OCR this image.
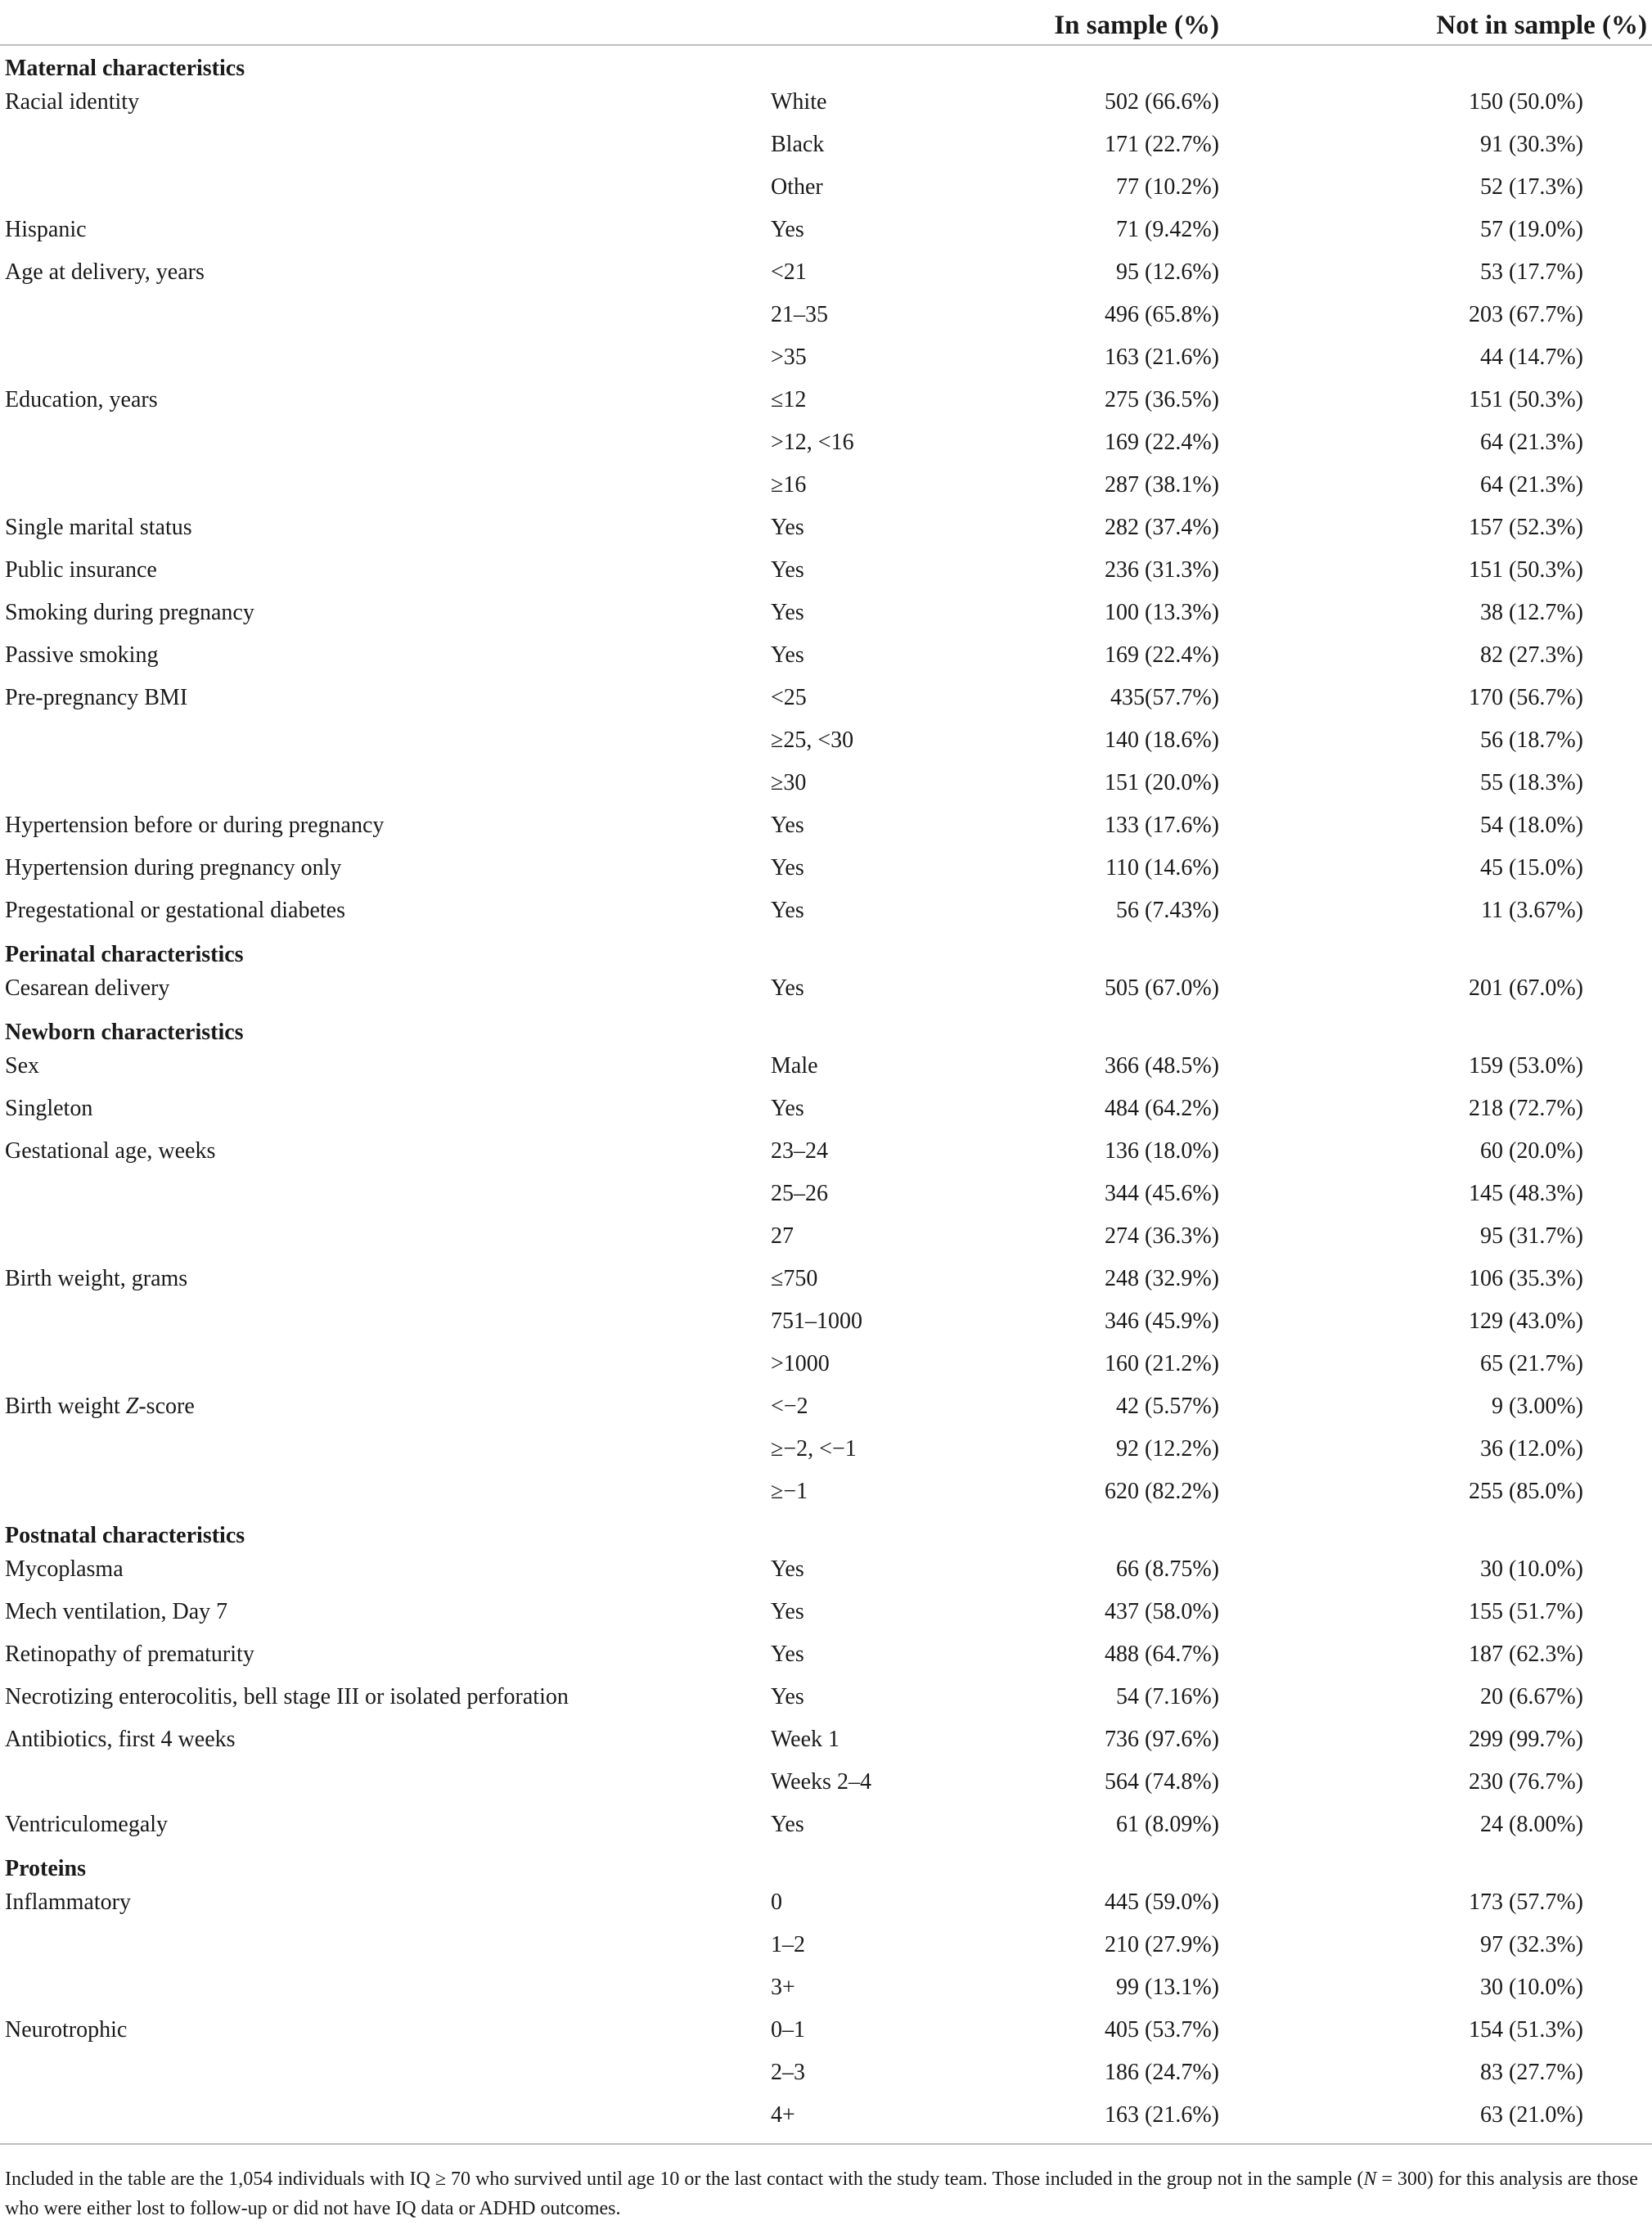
		In sample (%)	Not in sample (%)
Maternal characteristics			
Racial identity	White	502 (66.6%)	150 (50.0%)
	Black	171 (22.7%)	91 (30.3%)
	Other	77 (10.2%)	52 (17.3%)
Hispanic	Yes	71 (9.42%)	57 (19.0%)
Age at delivery, years	<21	95 (12.6%)	53 (17.7%)
	21–35	496 (65.8%)	203 (67.7%)
	>35	163 (21.6%)	44 (14.7%)
Education, years	≤12	275 (36.5%)	151 (50.3%)
	>12, <16	169 (22.4%)	64 (21.3%)
	≥16	287 (38.1%)	64 (21.3%)
Single marital status	Yes	282 (37.4%)	157 (52.3%)
Public insurance	Yes	236 (31.3%)	151 (50.3%)
Smoking during pregnancy	Yes	100 (13.3%)	38 (12.7%)
Passive smoking	Yes	169 (22.4%)	82 (27.3%)
Pre-pregnancy BMI	<25	435(57.7%)	170 (56.7%)
	≥25, <30	140 (18.6%)	56 (18.7%)
	≥30	151 (20.0%)	55 (18.3%)
Hypertension before or during pregnancy	Yes	133 (17.6%)	54 (18.0%)
Hypertension during pregnancy only	Yes	110 (14.6%)	45 (15.0%)
Pregestational or gestational diabetes	Yes	56 (7.43%)	11 (3.67%)
Perinatal characteristics			
Cesarean delivery	Yes	505 (67.0%)	201 (67.0%)
Newborn characteristics			
Sex	Male	366 (48.5%)	159 (53.0%)
Singleton	Yes	484 (64.2%)	218 (72.7%)
Gestational age, weeks	23–24	136 (18.0%)	60 (20.0%)
	25–26	344 (45.6%)	145 (48.3%)
	27	274 (36.3%)	95 (31.7%)
Birth weight, grams	≤750	248 (32.9%)	106 (35.3%)
	751–1000	346 (45.9%)	129 (43.0%)
	>1000	160 (21.2%)	65 (21.7%)
Birth weight Z-score	<−2	42 (5.57%)	9 (3.00%)
	≥−2, <−1	92 (12.2%)	36 (12.0%)
	≥−1	620 (82.2%)	255 (85.0%)
Postnatal characteristics			
Mycoplasma	Yes	66 (8.75%)	30 (10.0%)
Mech ventilation, Day 7	Yes	437 (58.0%)	155 (51.7%)
Retinopathy of prematurity	Yes	488 (64.7%)	187 (62.3%)
Necrotizing enterocolitis, bell stage III or isolated perforation	Yes	54 (7.16%)	20 (6.67%)
Antibiotics, first 4 weeks	Week 1	736 (97.6%)	299 (99.7%)
	Weeks 2–4	564 (74.8%)	230 (76.7%)
Ventriculomegaly	Yes	61 (8.09%)	24 (8.00%)
Proteins			
Inflammatory	0	445 (59.0%)	173 (57.7%)
	1–2	210 (27.9%)	97 (32.3%)
	3+	99 (13.1%)	30 (10.0%)
Neurotrophic	0–1	405 (53.7%)	154 (51.3%)
	2–3	186 (24.7%)	83 (27.7%)
	4+	163 (21.6%)	63 (21.0%)
Included in the table are the 1,054 individuals with IQ ≥ 70 who survived until age 10 or the last contact with the study team. Those included in the group not in the sample (N = 300) for this analysis are those who were either lost to follow-up or did not have IQ data or ADHD outcomes.
